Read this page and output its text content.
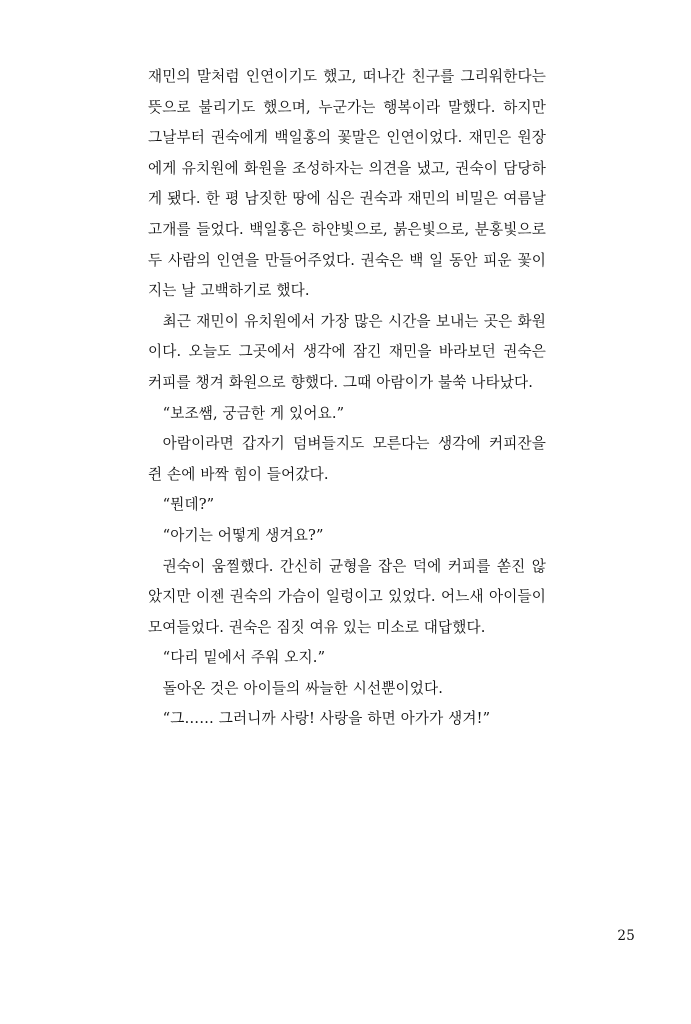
재민의 말처럼 인연이기도 했고, 떠나간 친구를 그리워한다는 뜻으로 불리기도 했으며, 누군가는 행복이라 말했다. 하지만 그날부터 권숙에게 백일홍의 꽃말은 인연이었다. 재민은 원장에게 유치원에 화원을 조성하자는 의견을 냈고, 권숙이 담당하게 됐다. 한 평 남짓한 땅에 심은 권숙과 재민의 비밀은 여름날 고개를 들었다. 백일홍은 하얀빛으로, 붉은빛으로, 분홍빛으로 두 사람의 인연을 만들어주었다. 권숙은 백 일 동안 피운 꽃이 지는 날 고백하기로 했다.

최근 재민이 유치원에서 가장 많은 시간을 보내는 곳은 화원이다. 오늘도 그곳에서 생각에 잠긴 재민을 바라보던 권숙은 커피를 챙겨 화원으로 향했다. 그때 아람이가 불쑥 나타났다.

“보조쌤, 궁금한 게 있어요.”

아람이라면 갑자기 덤벼들지도 모른다는 생각에 커피잔을 쥔 손에 바짝 힘이 들어갔다.

“뭔데?”

“아기는 어떻게 생겨요?”

권숙이 움찔했다. 간신히 균형을 잡은 덕에 커피를 쏟진 않았지만 이젠 권숙의 가슴이 일렁이고 있었다. 어느새 아이들이 모여들었다. 권숙은 짐짓 여유 있는 미소로 대답했다.

“다리 밑에서 주워 오지.”

돌아온 것은 아이들의 싸늘한 시선뿐이었다.

“그…… 그러니까 사랑! 사랑을 하면 아가가 생겨!”

25
